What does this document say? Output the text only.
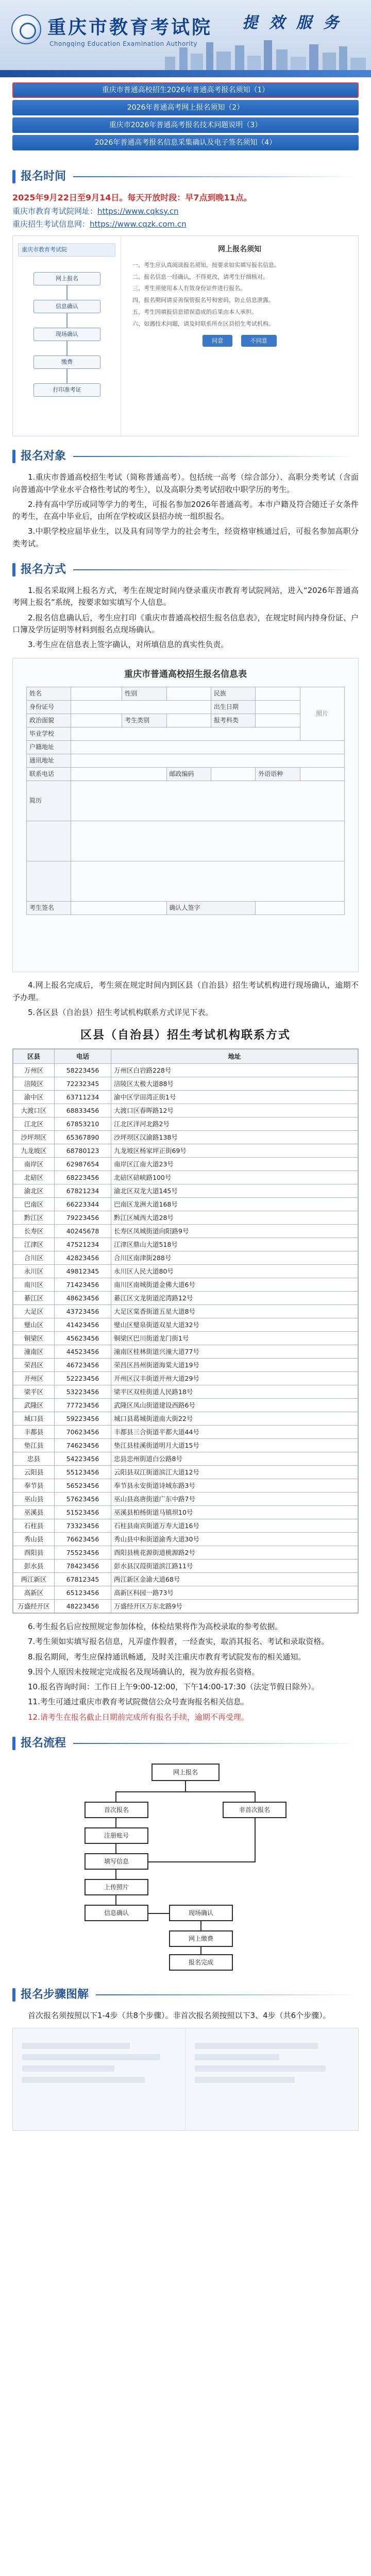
重庆市教育考试院
Chongqing Education Examination Authority
提 效 服 务
重庆市普通高校招生2026年普通高考报名须知（1）
2026年普通高考网上报名须知（2）
重庆市2026年普通高考报名技术问题说明（3）
2026年普通高考报名信息采集确认及电子签名须知（4）
报名时间
2025年9月22日至9月14日。每天开放时段：早7点到晚11点。
重庆市教育考试院网址：https://www.cqksy.cn
重庆招生考试信息网：https://www.cqzk.com.cn
重庆市教育考试院
网上报名
信息确认
现场确认
缴费
打印准考证
网上报名须知

一、考生应认真阅读报名须知，按要求如实填写报名信息。

二、报名信息一经确认，不得更改，请考生仔细核对。

三、考生须使用本人有效身份证件进行报名。

四、报名期间请妥善保管报名号和密码，防止信息泄露。

五、考生因填报信息错误造成的后果由本人承担。

六、如遇技术问题，请及时联系所在区县招生考试机构。

同意	不同意
报名对象

1.重庆市普通高校招生考试（简称普通高考）。包括统一高考（综合部分）、高职分类考试（含面向普通高中学业水平合格性考试的考生），以及高职分类考试招收中职学历的考生。

2.持有高中学历或同等学力的考生，可报名参加2026年普通高考。本市户籍及符合随迁子女条件的考生，在高中毕业后，由所在学校或区县招办统一组织报名。

3.中职学校应届毕业生，以及具有同等学力的社会考生，经资格审核通过后，可报名参加高职分类考试。

报名方式

1.报名采取网上报名方式，考生在规定时间内登录重庆市教育考试院网站，进入“2026年普通高考网上报名”系统，按要求如实填写个人信息。

2.报名信息确认后，考生应打印《重庆市普通高校招生报名信息表》，在规定时间内持身份证、户口簿及学历证明等材料到报名点现场确认。

3.考生应在信息表上签字确认，对所填信息的真实性负责。

重庆市普通高校招生报名信息表
姓名		性别		民族		照片
身份证号				出生日期		
政治面貌		考生类别		报考科类		
毕业学校						
户籍地址						
通讯地址						
联系电话			邮政编码		外语语种	
简历						

考生签名			确认人签字			

4.网上报名完成后，考生须在规定时间内到区县（自治县）招生考试机构进行现场确认，逾期不予办理。

5.各区县（自治县）招生考试机构联系方式详见下表。

区县（自治县）招生考试机构联系方式
区县	电话	地址
万州区	58223456	万州区白岩路228号
涪陵区	72232345	涪陵区太极大道88号
渝中区	63711234	渝中区学田湾正街1号
大渡口区	68833456	大渡口区春晖路12号
江北区	67853210	江北区洋河北路2号
沙坪坝区	65367890	沙坪坝区汉渝路138号
九龙坡区	68780123	九龙坡区杨家坪正街69号
南岸区	62987654	南岸区江南大道23号
北碚区	68223456	北碚区碚峡路100号
渝北区	67821234	渝北区双龙大道145号
巴南区	66223344	巴南区龙洲大道168号
黔江区	79223456	黔江区城西大道28号
长寿区	40245678	长寿区凤城街道向阳路9号
江津区	47521234	江津区鼎山大道518号
合川区	42823456	合川区南津街288号
永川区	49812345	永川区人民大道80号
南川区	71423456	南川区南城街道金佛大道6号
綦江区	48623456	綦江区文龙街道沱湾路12号
大足区	43723456	大足区棠香街道五星大道8号
璧山区	41423456	璧山区璧泉街道双星大道32号
铜梁区	45623456	铜梁区巴川街道龙门街1号
潼南区	44523456	潼南区桂林街道兴潼大道77号
荣昌区	46723456	荣昌区昌州街道海棠大道19号
开州区	52223456	开州区汉丰街道开州大道29号
梁平区	53223456	梁平区双桂街道人民路18号
武隆区	77723456	武隆区凤山街道建设西路6号
城口县	59223456	城口县葛城街道南大街22号
丰都县	70623456	丰都县三合街道平都大道44号
垫江县	74623456	垫江县桂溪街道明月大道15号
忠县	54223456	忠县忠州街道白公路8号
云阳县	55123456	云阳县双江街道滨江大道12号
奉节县	56523456	奉节县永安街道诗城东路3号
巫山县	57623456	巫山县高唐街道广东中路7号
巫溪县	51523456	巫溪县柏杨街道马镇坝10号
石柱县	73323456	石柱县南宾街道万寿大道16号
秀山县	76623456	秀山县中和街道渝秀大道30号
酉阳县	75523456	酉阳县桃花源街道桃源路2号
彭水县	78423456	彭水县汉葭街道滨江路11号
两江新区	67812345	两江新区金渝大道68号
高新区	65123456	高新区科园一路73号
万盛经开区	48223456	万盛经开区万东北路9号

6.考生报名后应按照规定参加体检，体检结果将作为高校录取的参考依据。

7.考生须如实填写报名信息，凡弄虚作假者，一经查实，取消其报名、考试和录取资格。

8.报名期间，考生应保持通讯畅通，及时关注重庆市教育考试院发布的相关通知。

9.因个人原因未按规定完成报名及现场确认的，视为放弃报名资格。

10.报名咨询时间：工作日上午9:00-12:00，下午14:00-17:30（法定节假日除外）。

11.考生可通过重庆市教育考试院微信公众号查询报名相关信息。

12.请考生在报名截止日期前完成所有报名手续，逾期不再受理。

报名流程
网上报名
首次报名	非首次报名
注册账号
填写信息
上传照片
信息确认	现场确认
网上缴费
报名完成
报名步骤图解

首次报名须按照以下1-4步（共8个步骤）。非首次报名须按照以下3、4步（共6个步骤）。
